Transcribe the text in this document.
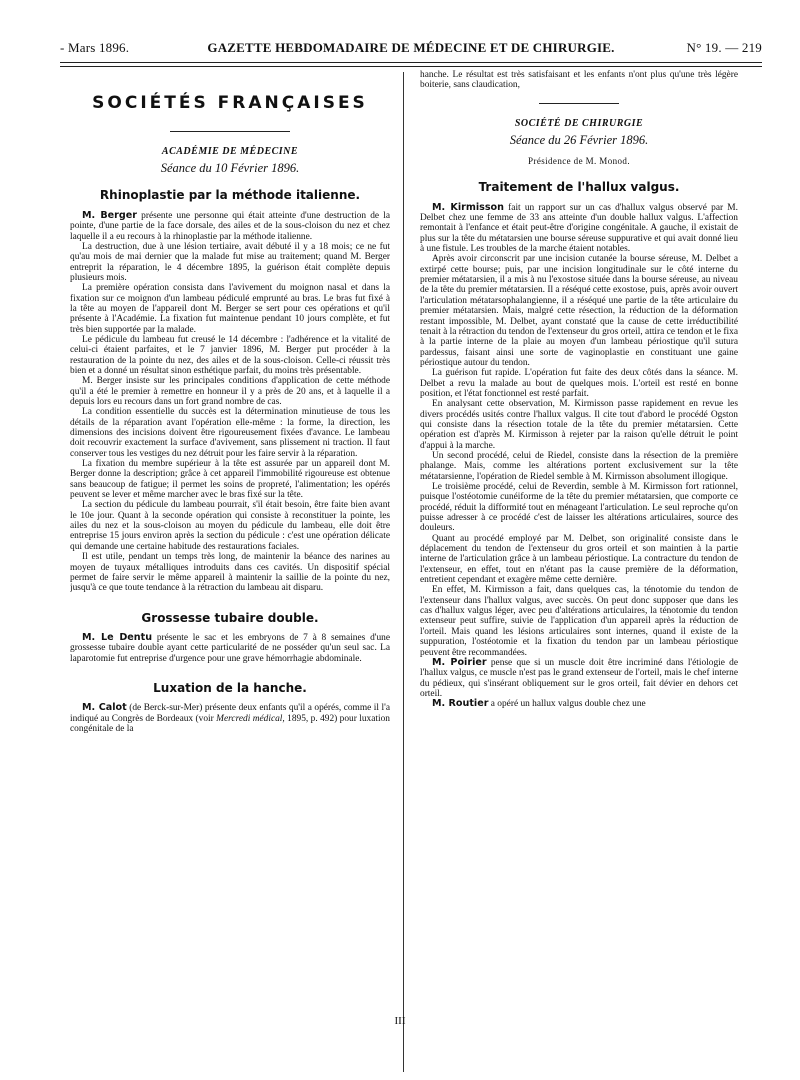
- Mars 1896.	GAZETTE HEBDOMADAIRE DE MÉDECINE ET DE CHIRURGIE.	N° 19. — 219
SOCIÉTÉS FRANÇAISES
ACADÉMIE DE MÉDECINE
Séance du 10 Février 1896.
Rhinoplastie par la méthode italienne.

M. Berger présente une personne qui était atteinte d'une destruction de la pointe, d'une partie de la face dorsale, des ailes et de la sous-cloison du nez et chez laquelle il a eu recours à la rhinoplastie par la méthode italienne.

La destruction, due à une lésion tertiaire, avait débuté il y a 18 mois; ce ne fut qu'au mois de mai dernier que la malade fut mise au traitement; quand M. Berger entreprit la réparation, le 4 décembre 1895, la guérison était complète depuis plusieurs mois.

La première opération consista dans l'avivement du moignon nasal et dans la fixation sur ce moignon d'un lambeau pédiculé emprunté au bras. Le bras fut fixé à la tête au moyen de l'appareil dont M. Berger se sert pour ces opérations et qu'il présente à l'Académie. La fixation fut maintenue pendant 10 jours complète, et fut très bien supportée par la malade.

Le pédicule du lambeau fut creusé le 14 décembre : l'adhérence et la vitalité de celui-ci étaient parfaites, et le 7 janvier 1896, M. Berger put procéder à la restauration de la pointe du nez, des ailes et de la sous-cloison. Celle-ci réussit très bien et a donné un résultat sinon esthétique parfait, du moins très présentable.

M. Berger insiste sur les principales conditions d'application de cette méthode qu'il a été le premier à remettre en honneur il y a près de 20 ans, et à laquelle il a depuis lors eu recours dans un fort grand nombre de cas.

La condition essentielle du succès est la détermination minutieuse de tous les détails de la réparation avant l'opération elle-même : la forme, la direction, les dimensions des incisions doivent être rigoureusement fixées d'avance. Le lambeau doit recouvrir exactement la surface d'avivement, sans plissement ni traction. Il faut conserver tous les vestiges du nez détruit pour les faire servir à la réparation.

La fixation du membre supérieur à la tête est assurée par un appareil dont M. Berger donne la description; grâce à cet appareil l'immobilité rigoureuse est obtenue sans beaucoup de fatigue; il permet les soins de propreté, l'alimentation; les opérés peuvent se lever et même marcher avec le bras fixé sur la tête.

La section du pédicule du lambeau pourrait, s'il était besoin, être faite bien avant le 10e jour. Quant à la seconde opération qui consiste à reconstituer la pointe, les ailes du nez et la sous-cloison au moyen du pédicule du lambeau, elle doit être entreprise 15 jours environ après la section du pédicule : c'est une opération délicate qui demande une certaine habitude des restaurations faciales.

Il est utile, pendant un temps très long, de maintenir la béance des narines au moyen de tuyaux métalliques introduits dans ces cavités. Un dispositif spécial permet de faire servir le même appareil à maintenir la saillie de la pointe du nez, jusqu'à ce que toute tendance à la rétraction du lambeau ait disparu.

Grossesse tubaire double.

M. Le Dentu présente le sac et les embryons de 7 à 8 semaines d'une grossesse tubaire double ayant cette particularité de ne posséder qu'un seul sac. La laparotomie fut entreprise d'urgence pour une grave hémorrhagie abdominale.

Luxation de la hanche.

M. Calot (de Berck-sur-Mer) présente deux enfants qu'il a opérés, comme il l'a indiqué au Congrès de Bordeaux (voir Mercredi médical, 1895, p. 492) pour luxation congénitale de la

hanche. Le résultat est très satisfaisant et les enfants n'ont plus qu'une très légère boiterie, sans claudication,

SOCIÉTÉ DE CHIRURGIE
Séance du 26 Février 1896.
Présidence de M. Monod.
Traitement de l'hallux valgus.

M. Kirmisson fait un rapport sur un cas d'hallux valgus observé par M. Delbet chez une femme de 33 ans atteinte d'un double hallux valgus. L'affection remontait à l'enfance et était peut-être d'origine congénitale. A gauche, il existait de plus sur la tête du métatarsien une bourse séreuse suppurative et qui avait donné lieu à une fistule. Les troubles de la marche étaient notables.

Après avoir circonscrit par une incision cutanée la bourse séreuse, M. Delbet a extirpé cette bourse; puis, par une incision longitudinale sur le côté interne du premier métatarsien, il a mis à nu l'exostose située dans la bourse séreuse, au niveau de la tête du premier métatarsien. Il a réséqué cette exostose, puis, après avoir ouvert l'articulation métatarsophalangienne, il a réséqué une partie de la tête articulaire du premier métatarsien. Mais, malgré cette résection, la réduction de la déformation restant impossible, M. Delbet, ayant constaté que la cause de cette irréductibilité tenait à la rétraction du tendon de l'extenseur du gros orteil, attira ce tendon et le fixa à la partie interne de la plaie au moyen d'un lambeau périostique qu'il sutura pardessus, faisant ainsi une sorte de vaginoplastie en constituant une gaine périostique autour du tendon.

La guérison fut rapide. L'opération fut faite des deux côtés dans la séance. M. Delbet a revu la malade au bout de quelques mois. L'orteil est resté en bonne position, et l'état fonctionnel est resté parfait.

En analysant cette observation, M. Kirmisson passe rapidement en revue les divers procédés usités contre l'hallux valgus. Il cite tout d'abord le procédé Ogston qui consiste dans la résection totale de la tête du premier métatarsien. Cette opération est d'après M. Kirmisson à rejeter par la raison qu'elle détruit le point d'appui à la marche.

Un second procédé, celui de Riedel, consiste dans la résection de la première phalange. Mais, comme les altérations portent exclusivement sur la tête métatarsienne, l'opération de Riedel semble à M. Kirmisson absolument illogique.

Le troisième procédé, celui de Reverdin, semble à M. Kirmisson fort rationnel, puisque l'ostéotomie cunéiforme de la tête du premier métatarsien, que comporte ce procédé, réduit la difformité tout en ménageant l'articulation. Le seul reproche qu'on puisse adresser à ce procédé c'est de laisser les altérations articulaires, source des douleurs.

Quant au procédé employé par M. Delbet, son originalité consiste dans le déplacement du tendon de l'extenseur du gros orteil et son maintien à la partie interne de l'articulation grâce à un lambeau périostique. La contracture du tendon de l'extenseur, en effet, tout en n'étant pas la cause première de la déformation, entretient cependant et exagère même cette dernière.

En effet, M. Kirmisson a fait, dans quelques cas, la ténotomie du tendon de l'extenseur dans l'hallux valgus, avec succès. On peut donc supposer que dans les cas d'hallux valgus léger, avec peu d'altérations articulaires, la ténotomie du tendon extenseur peut suffire, suivie de l'application d'un appareil après la réduction de l'orteil. Mais quand les lésions articulaires sont internes, quand il existe de la suppuration, l'ostéotomie et la fixation du tendon par un lambeau périostique peuvent être recommandées.

M. Poirier pense que si un muscle doit être incriminé dans l'étiologie de l'hallux valgus, ce muscle n'est pas le grand extenseur de l'orteil, mais le chef interne du pédieux, qui s'insérant obliquement sur le gros orteil, fait dévier en dehors cet orteil.

M. Routier a opéré un hallux valgus double chez une

III
